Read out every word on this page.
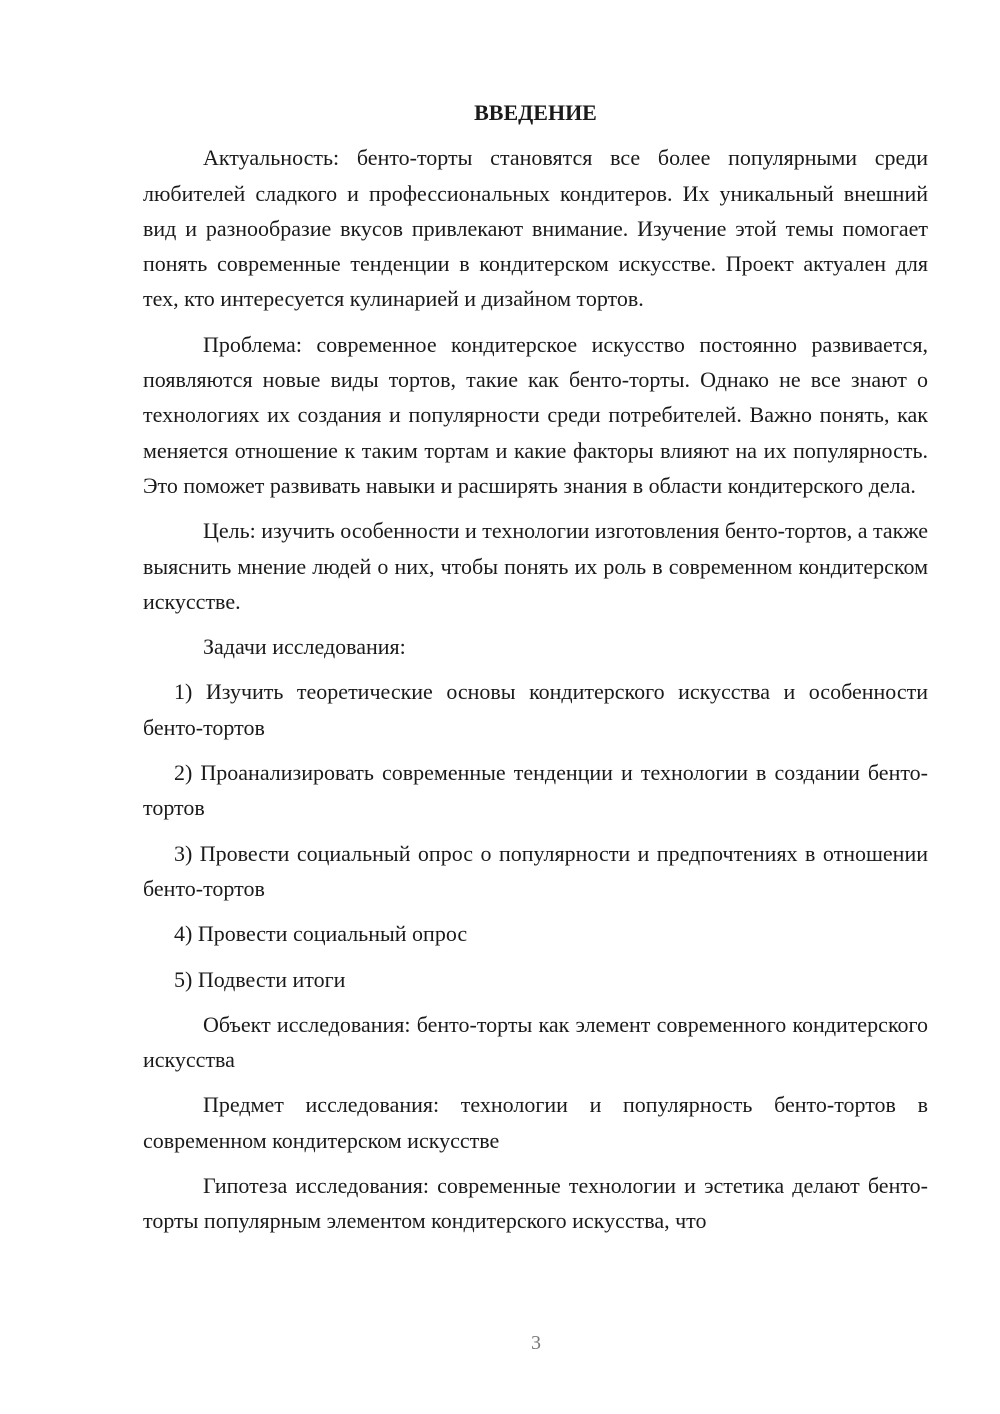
ВВЕДЕНИЕ

Актуальность: бенто-торты становятся все более популярными среди любителей сладкого и профессиональных кондитеров. Их уникальный внешний вид и разнообразие вкусов привлекают внимание. Изучение этой темы помогает понять современные тенденции в кондитерском искусстве. Проект актуален для тех, кто интересуется кулинарией и дизайном тортов.

Проблема: современное кондитерское искусство постоянно развивается, появляются новые виды тортов, такие как бенто-торты. Однако не все знают о технологиях их создания и популярности среди потребителей. Важно понять, как меняется отношение к таким тортам и какие факторы влияют на их популярность. Это поможет развивать навыки и расширять знания в области кондитерского дела.

Цель: изучить особенности и технологии изготовления бенто-тортов, а также выяснить мнение людей о них, чтобы понять их роль в современном кондитерском искусстве.

Задачи исследования:

1) Изучить теоретические основы кондитерского искусства и особенности бенто-тортов

2) Проанализировать современные тенденции и технологии в создании бенто-тортов

3) Провести социальный опрос о популярности и предпочтениях в отношении бенто-тортов

4) Провести социальный опрос

5) Подвести итоги

Объект исследования: бенто-торты как элемент современного кондитерского искусства

Предмет исследования: технологии и популярность бенто-тортов в современном кондитерском искусстве

Гипотеза исследования: современные технологии и эстетика делают бенто-торты популярным элементом кондитерского искусства, что

3
